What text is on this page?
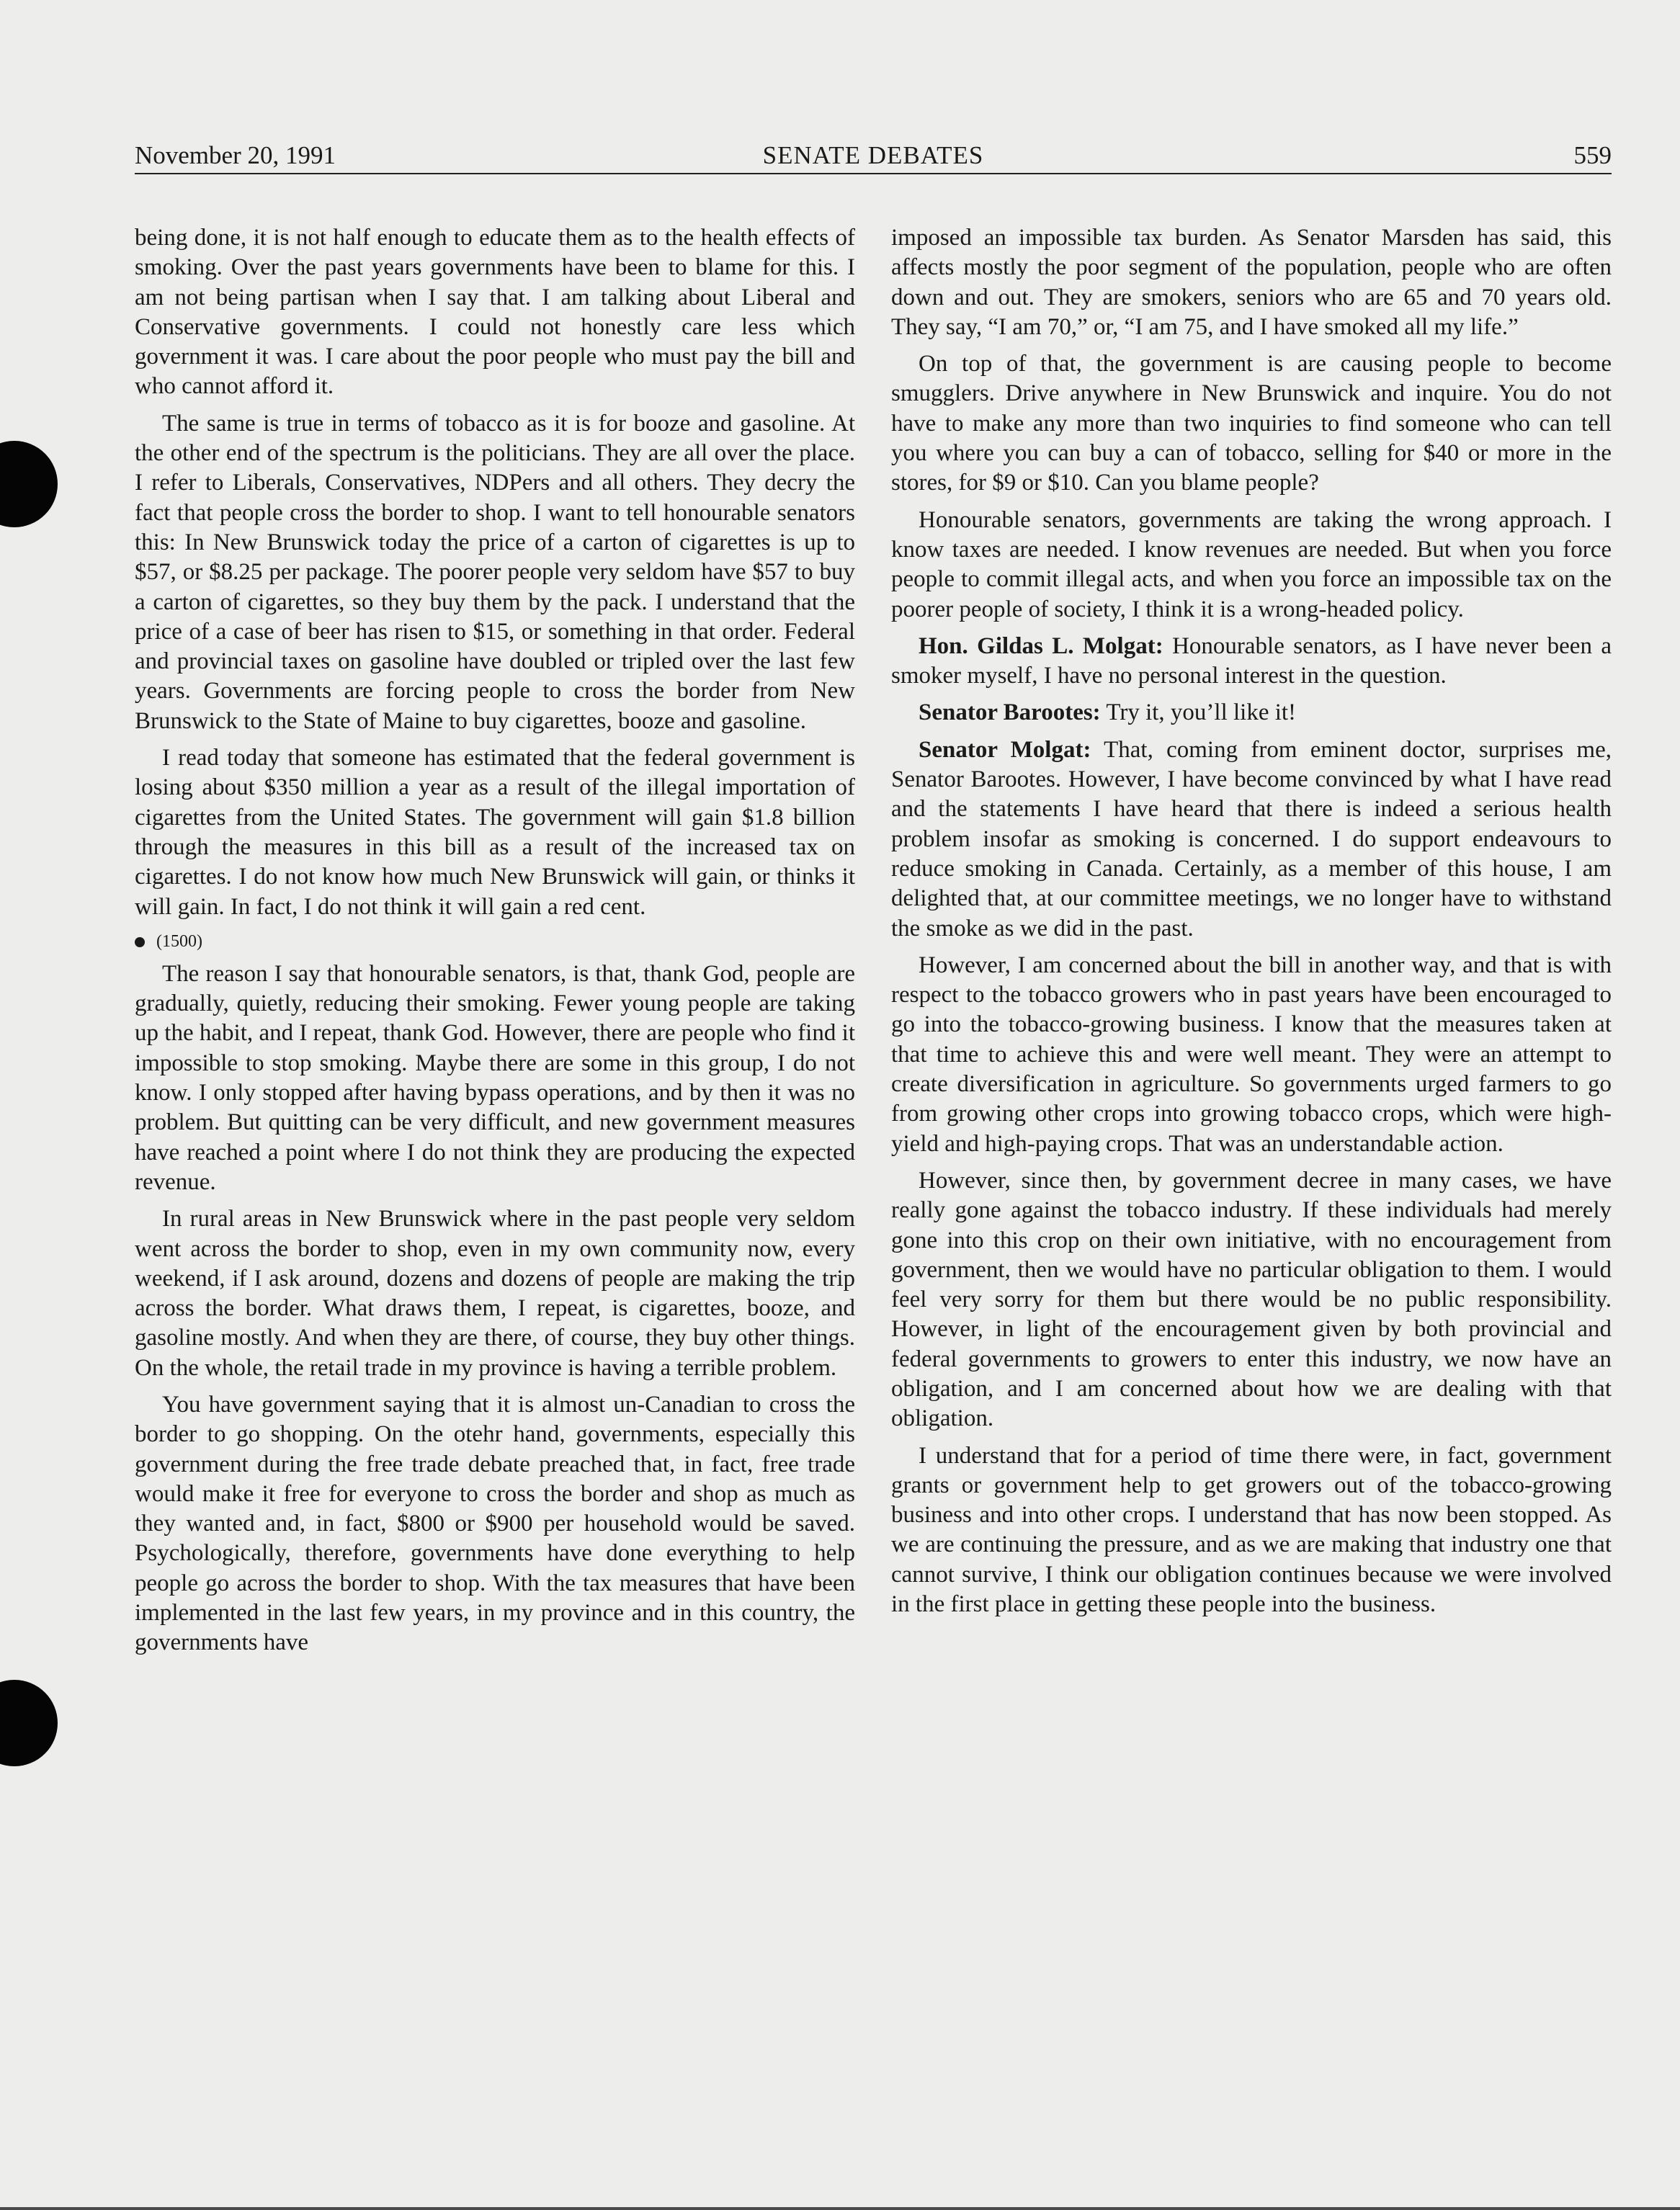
November 20, 1991	SENATE DEBATES	559

being done, it is not half enough to educate them as to the health effects of smoking. Over the past years governments have been to blame for this. I am not being partisan when I say that. I am talking about Liberal and Conservative governments. I could not honestly care less which government it was. I care about the poor people who must pay the bill and who cannot afford it.

The same is true in terms of tobacco as it is for booze and gasoline. At the other end of the spectrum is the politicians. They are all over the place. I refer to Liberals, Conservatives, NDPers and all others. They decry the fact that people cross the border to shop. I want to tell honourable senators this: In New Brunswick today the price of a carton of cigarettes is up to $57, or $8.25 per package. The poorer people very seldom have $57 to buy a carton of cigarettes, so they buy them by the pack. I understand that the price of a case of beer has risen to $15, or something in that order. Federal and provincial taxes on gasoline have doubled or tripled over the last few years. Governments are forcing people to cross the border from New Brunswick to the State of Maine to buy cigarettes, booze and gasoline.

I read today that someone has estimated that the federal government is losing about $350 million a year as a result of the illegal importation of cigarettes from the United States. The government will gain $1.8 billion through the measures in this bill as a result of the increased tax on cigarettes. I do not know how much New Brunswick will gain, or thinks it will gain. In fact, I do not think it will gain a red cent.

(1500)

The reason I say that honourable senators, is that, thank God, people are gradually, quietly, reducing their smoking. Fewer young people are taking up the habit, and I repeat, thank God. However, there are people who find it impossible to stop smoking. Maybe there are some in this group, I do not know. I only stopped after having bypass operations, and by then it was no problem. But quitting can be very difficult, and new government measures have reached a point where I do not think they are producing the expected revenue.

In rural areas in New Brunswick where in the past people very seldom went across the border to shop, even in my own community now, every weekend, if I ask around, dozens and dozens of people are making the trip across the border. What draws them, I repeat, is cigarettes, booze, and gasoline mostly. And when they are there, of course, they buy other things. On the whole, the retail trade in my province is having a terrible problem.

You have government saying that it is almost un-Canadian to cross the border to go shopping. On the otehr hand, governments, especially this government during the free trade debate preached that, in fact, free trade would make it free for everyone to cross the border and shop as much as they wanted and, in fact, $800 or $900 per household would be saved. Psychologically, therefore, governments have done everything to help people go across the border to shop. With the tax measures that have been implemented in the last few years, in my province and in this country, the governments have

imposed an impossible tax burden. As Senator Marsden has said, this affects mostly the poor segment of the population, people who are often down and out. They are smokers, seniors who are 65 and 70 years old. They say, “I am 70,” or, “I am 75, and I have smoked all my life.”

On top of that, the government is are causing people to become smugglers. Drive anywhere in New Brunswick and inquire. You do not have to make any more than two inquiries to find someone who can tell you where you can buy a can of tobacco, selling for $40 or more in the stores, for $9 or $10. Can you blame people?

Honourable senators, governments are taking the wrong approach. I know taxes are needed. I know revenues are needed. But when you force people to commit illegal acts, and when you force an impossible tax on the poorer people of society, I think it is a wrong-headed policy.

Hon. Gildas L. Molgat: Honourable senators, as I have never been a smoker myself, I have no personal interest in the question.

Senator Barootes: Try it, you’ll like it!

Senator Molgat: That, coming from eminent doctor, surprises me, Senator Barootes. However, I have become convinced by what I have read and the statements I have heard that there is indeed a serious health problem insofar as smoking is concerned. I do support endeavours to reduce smoking in Canada. Certainly, as a member of this house, I am delighted that, at our committee meetings, we no longer have to withstand the smoke as we did in the past.

However, I am concerned about the bill in another way, and that is with respect to the tobacco growers who in past years have been encouraged to go into the tobacco-growing business. I know that the measures taken at that time to achieve this and were well meant. They were an attempt to create diversification in agriculture. So governments urged farmers to go from growing other crops into growing tobacco crops, which were high-yield and high-paying crops. That was an understandable action.

However, since then, by government decree in many cases, we have really gone against the tobacco industry. If these individuals had merely gone into this crop on their own initiative, with no encouragement from government, then we would have no particular obligation to them. I would feel very sorry for them but there would be no public responsibility. However, in light of the encouragement given by both provincial and federal governments to growers to enter this industry, we now have an obligation, and I am concerned about how we are dealing with that obligation.

I understand that for a period of time there were, in fact, government grants or government help to get growers out of the tobacco-growing business and into other crops. I understand that has now been stopped. As we are continuing the pressure, and as we are making that industry one that cannot survive, I think our obligation continues because we were involved in the first place in getting these people into the business.
